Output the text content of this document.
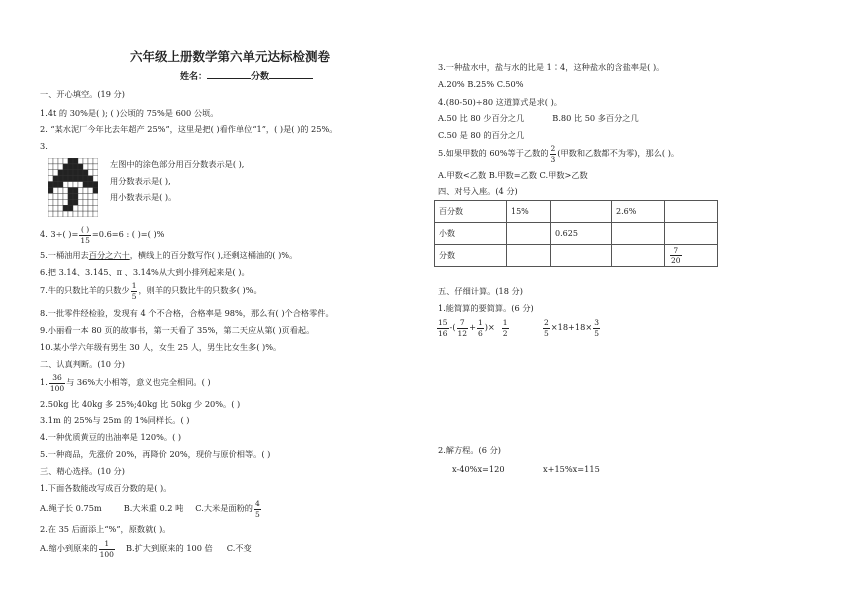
六年级上册数学第六单元达标检测卷
姓名：	分数
一、开心填空。(19 分)
1.4t 的 30%是( ); ( )公顷的 75%是 600 公顷。
2. “某水泥厂今年比去年超产 25%”，这里是把( )看作单位“1”，( )是( )的 25%。
3.
左图中的涂色部分用百分数表示是( ),
用分数表示是( ),
用小数表示是( )。
4. 3÷( )= $\frac{( )}{15} =0.6=6$ : ( )=( )%
5.一桶油用去百分之六十，横线上的百分数写作( ),还剩这桶油的( )%。
6.把 3.14、3.145、π 、3.14%从大到小排列起来是( )。
7.牛的只数比羊的只数少 $\frac{1}{5}$ ，则羊的只数比牛的只数多( )%。
8.一批零件经检验，发现有 4 个不合格，合格率是 98%，那么有( )个合格零件。
9.小丽看一本 80 页的故事书，第一天看了 35%，第二天应从第( )页看起。
10.某小学六年级有男生 30 人，女生 25 人，男生比女生多( )%。
二、认真判断。(10 分)
1. $\frac{36}{100}$ 与 36%大小相等，意义也完全相同。( )
2.50kg 比 40kg 多 25%;40kg 比 50kg 少 20%。( )
3.1m 的 25%与 25m 的 1%同样长。( )
4.一种优质黄豆的出油率是 120%。( )
5.一种商品，先涨价 20%，再降价 20%，现价与原价相等。( )
三、精心选择。(10 分)
1.下面各数能改写成百分数的是( )。
A.绳子长 0.75m	B.大米重 0.2 吨 C.大米是面粉的 $\frac{4}{5}$
2.在 35 后面添上“%”，原数就( )。
A.缩小到原来的 $\frac{1}{100} B$.扩大到原来的 100 倍 C.不变
3.一种盐水中，盐与水的比是 1∶4，这种盐水的含盐率是( )。
A.20% B.25% C.50%
4.(80-50)÷80 这道算式是求( )。
A.50 比 80 少百分之几	B.80 比 50 多百分之几
C.50 是 80 的百分之几
5.如果甲数的 60%等于乙数的 $\frac{2}{3}$ (甲数和乙数都不为零)，那么( )。
A.甲数<乙数 B.甲数=乙数 C.甲数>乙数
四、对号入座。(4 分)
百分数	15%		2.6%	
小数		0.625		
分数				$\frac{7}{20}$
五、仔细计算。(18 分)
1.能简算的要简算。(6 分)
$\frac{15}{16}$ -( $\frac{7}{12} + \frac{1}{6}$ )× $\frac{1}{2}$	$\frac{2}{5} \times 18+18\times \frac{3}{5}$
2.解方程。(6 分)
x-40%x=120	x+15%x=115
